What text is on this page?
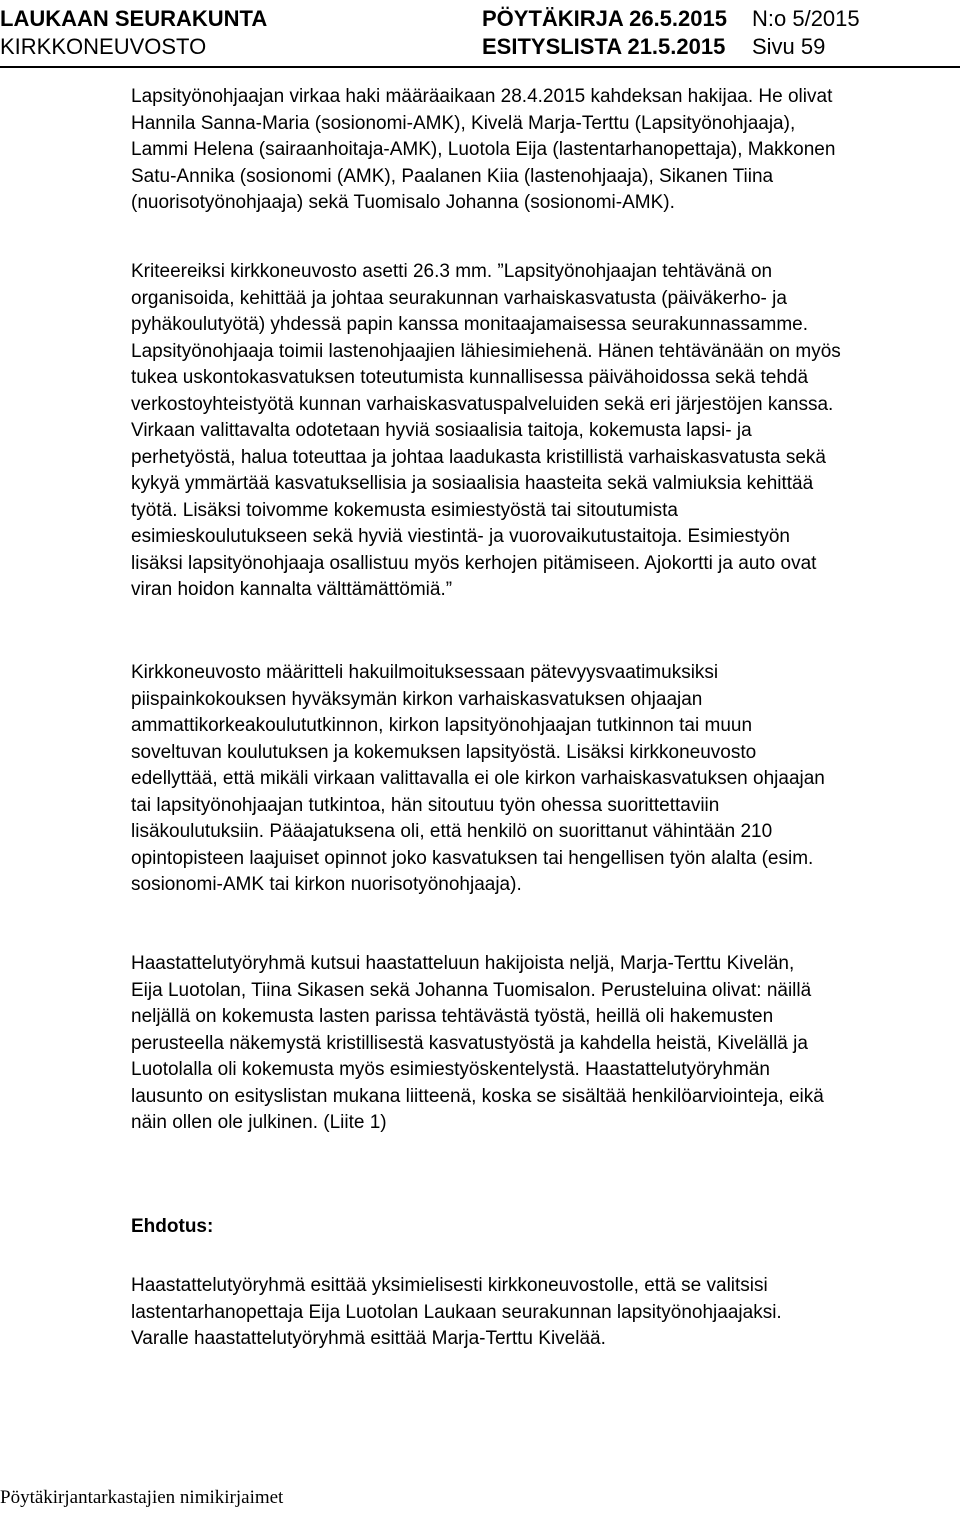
LAUKAAN SEURAKUNTA
KIRKKONEUVOSTO
PÖYTÄKIRJA 26.5.2015
ESITYSLISTA 21.5.2015
N:o 5/2015
Sivu 59

Lapsityönohjaajan virkaa haki määräaikaan 28.4.2015 kahdeksan hakijaa. He olivat

Hannila Sanna-Maria (sosionomi-AMK), Kivelä Marja-Terttu (Lapsityönohjaaja),

Lammi Helena (sairaanhoitaja-AMK), Luotola Eija (lastentarhanopettaja), Makkonen

Satu-Annika (sosionomi (AMK), Paalanen Kiia (lastenohjaaja), Sikanen Tiina

(nuorisotyönohjaaja) sekä Tuomisalo Johanna (sosionomi-AMK).

Kriteereiksi kirkkoneuvosto asetti 26.3 mm. ”Lapsityönohjaajan tehtävänä on

organisoida, kehittää ja johtaa seurakunnan varhaiskasvatusta (päiväkerho- ja

pyhäkoulutyötä) yhdessä papin kanssa monitaajamaisessa seurakunnassamme.

Lapsityönohjaaja toimii lastenohjaajien lähiesimiehenä. Hänen tehtävänään on myös

tukea uskontokasvatuksen toteutumista kunnallisessa päivähoidossa sekä tehdä

verkostoyhteistyötä kunnan varhaiskasvatuspalveluiden sekä eri järjestöjen kanssa.

Virkaan valittavalta odotetaan hyviä sosiaalisia taitoja, kokemusta lapsi- ja

perhetyöstä, halua toteuttaa ja johtaa laadukasta kristillistä varhaiskasvatusta sekä

kykyä ymmärtää kasvatuksellisia ja sosiaalisia haasteita sekä valmiuksia kehittää

työtä. Lisäksi toivomme kokemusta esimiestyöstä tai sitoutumista

esimieskoulutukseen sekä hyviä viestintä- ja vuorovaikutustaitoja. Esimiestyön

lisäksi lapsityönohjaaja osallistuu myös kerhojen pitämiseen. Ajokortti ja auto ovat

viran hoidon kannalta välttämättömiä.”

Kirkkoneuvosto määritteli hakuilmoituksessaan pätevyysvaatimuksiksi

piispainkokouksen hyväksymän kirkon varhaiskasvatuksen ohjaajan

ammattikorkeakoulututkinnon, kirkon lapsityönohjaajan tutkinnon tai muun

soveltuvan koulutuksen ja kokemuksen lapsityöstä. Lisäksi kirkkoneuvosto

edellyttää, että mikäli virkaan valittavalla ei ole kirkon varhaiskasvatuksen ohjaajan

tai lapsityönohjaajan tutkintoa, hän sitoutuu työn ohessa suorittettaviin

lisäkoulutuksiin. Pääajatuksena oli, että henkilö on suorittanut vähintään 210

opintopisteen laajuiset opinnot joko kasvatuksen tai hengellisen työn alalta (esim.

sosionomi-AMK tai kirkon nuorisotyönohjaaja).

Haastattelutyöryhmä kutsui haastatteluun hakijoista neljä, Marja-Terttu Kivelän,

Eija Luotolan, Tiina Sikasen sekä Johanna Tuomisalon. Perusteluina olivat: näillä

neljällä on kokemusta lasten parissa tehtävästä työstä, heillä oli hakemusten

perusteella näkemystä kristillisestä kasvatustyöstä ja kahdella heistä, Kivelällä ja

Luotolalla oli kokemusta myös esimiestyöskentelystä. Haastattelutyöryhmän

lausunto on esityslistan mukana liitteenä, koska se sisältää henkilöarviointeja, eikä

näin ollen ole julkinen. (Liite 1)

Ehdotus:

Haastattelutyöryhmä esittää yksimielisesti kirkkoneuvostolle, että se valitsisi

lastentarhanopettaja Eija Luotolan Laukaan seurakunnan lapsityönohjaajaksi.

Varalle haastattelutyöryhmä esittää Marja-Terttu Kivelää.

Pöytäkirjantarkastajien nimikirjaimet
